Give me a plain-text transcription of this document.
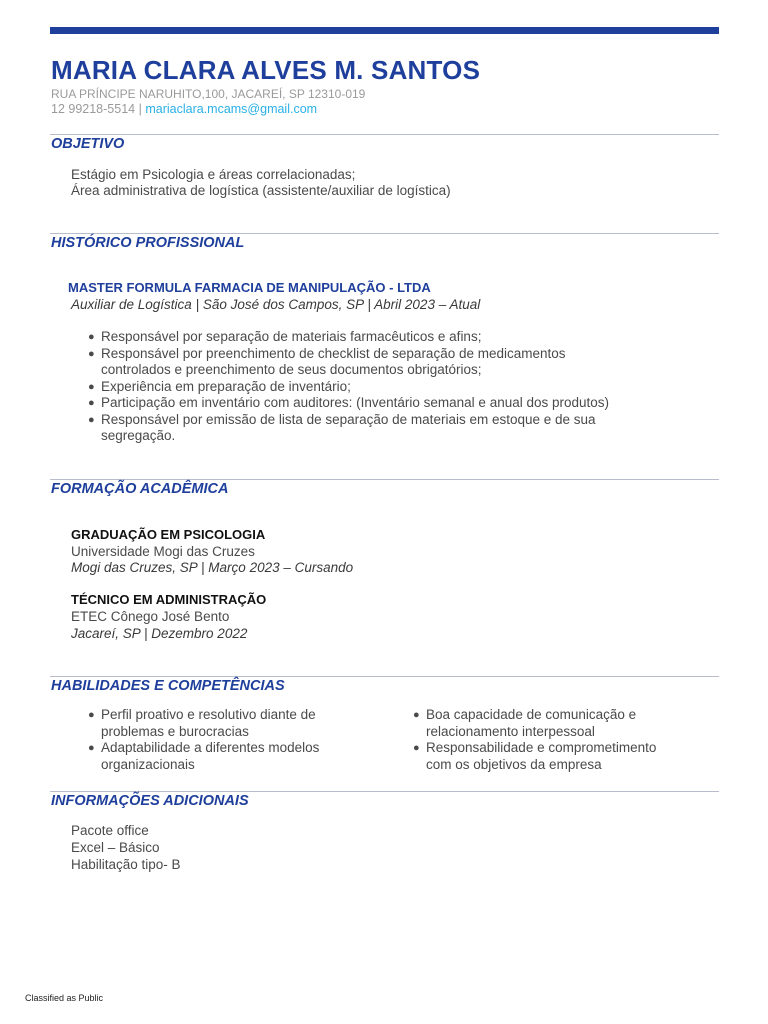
MARIA CLARA ALVES M. SANTOS
RUA PRÍNCIPE NARUHITO,100, JACAREÍ, SP 12310-019
12 99218-5514 | mariaclara.mcams@gmail.com
OBJETIVO
Estágio em Psicologia e áreas correlacionadas;
Área administrativa de logística (assistente/auxiliar de logística)
HISTÓRICO PROFISSIONAL
MASTER FORMULA FARMACIA DE MANIPULAÇÃO - LTDA
Auxiliar de Logística | São José dos Campos, SP | Abril 2023 – Atual
● Responsável por separação de materiais farmacêuticos e afins;
● Responsável por preenchimento de checklist de separação de medicamentos
controlados e preenchimento de seus documentos obrigatórios;
● Experiência em preparação de inventário;
● Participação em inventário com auditores: (Inventário semanal e anual dos produtos)
● Responsável por emissão de lista de separação de materiais em estoque e de sua
segregação.
FORMAÇÃO ACADÊMICA
GRADUAÇÃO EM PSICOLOGIA
Universidade Mogi das Cruzes
Mogi das Cruzes, SP | Março 2023 – Cursando
TÉCNICO EM ADMINISTRAÇÃO
ETEC Cônego José Bento
Jacareí, SP | Dezembro 2022
HABILIDADES E COMPETÊNCIAS
● Perfil proativo e resolutivo diante de
problemas e burocracias
● Adaptabilidade a diferentes modelos
organizacionais
● Boa capacidade de comunicação e
relacionamento interpessoal
● Responsabilidade e comprometimento
com os objetivos da empresa
INFORMAÇÕES ADICIONAIS
Pacote office
Excel – Básico
Habilitação tipo- B
Classified as Public
